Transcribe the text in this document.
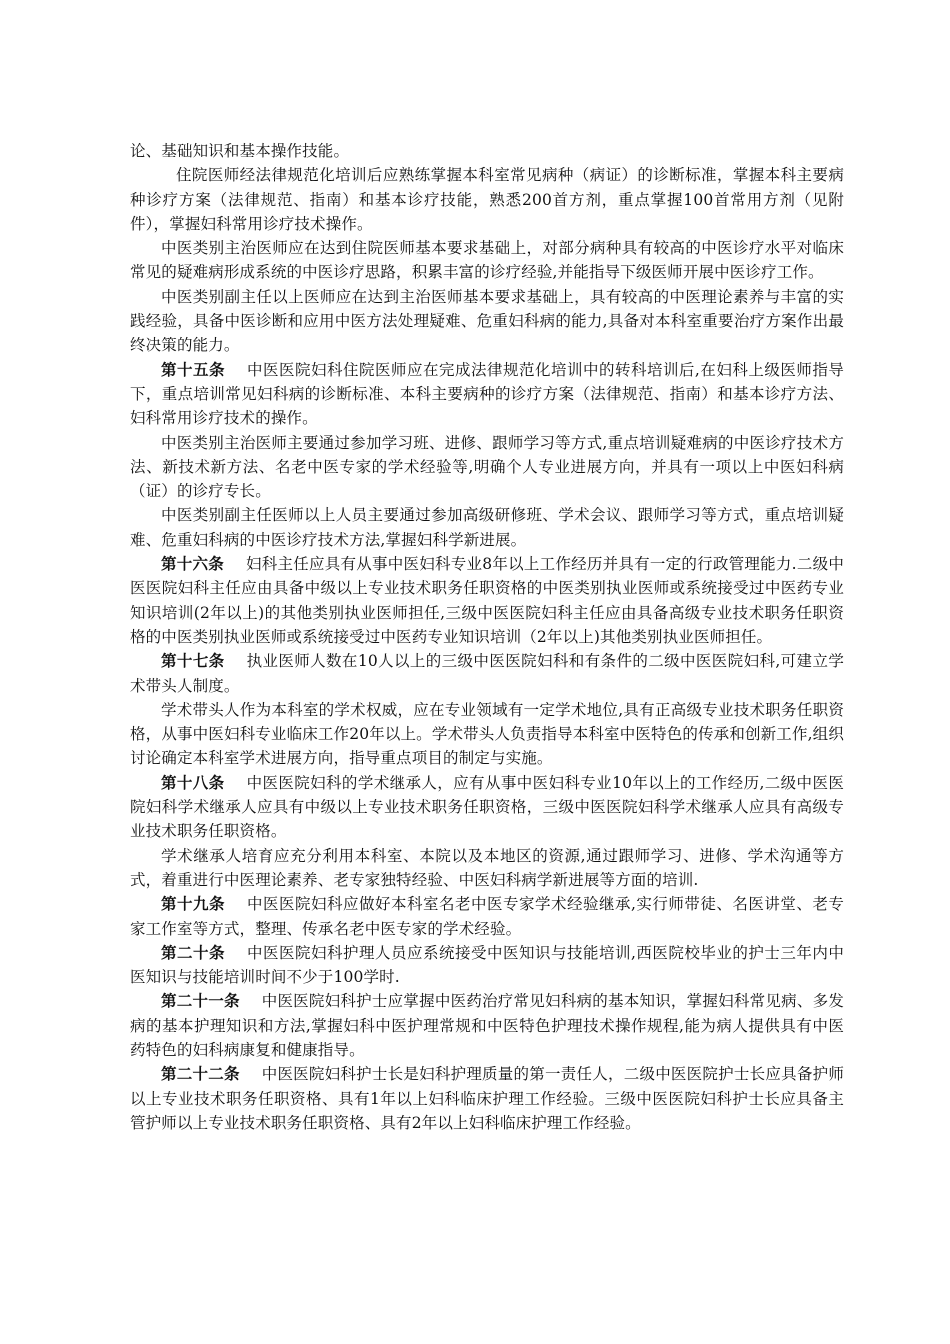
论、基础知识和基本操作技能。

住院医师经法律规范化培训后应熟练掌握本科室常见病种（病证）的诊断标准，掌握本科主要病种诊疗方案（法律规范、指南）和基本诊疗技能，熟悉200首方剂，重点掌握100首常用方剂（见附件），掌握妇科常用诊疗技术操作。

中医类别主治医师应在达到住院医师基本要求基础上，对部分病种具有较高的中医诊疗水平对临床常见的疑难病形成系统的中医诊疗思路，积累丰富的诊疗经验,并能指导下级医师开展中医诊疗工作。

中医类别副主任以上医师应在达到主治医师基本要求基础上，具有较高的中医理论素养与丰富的实践经验，具备中医诊断和应用中医方法处理疑难、危重妇科病的能力,具备对本科室重要治疗方案作出最终决策的能力。

第十五条 中医医院妇科住院医师应在完成法律规范化培训中的转科培训后,在妇科上级医师指导下，重点培训常见妇科病的诊断标准、本科主要病种的诊疗方案（法律规范、指南）和基本诊疗方法、妇科常用诊疗技术的操作。

中医类别主治医师主要通过参加学习班、进修、跟师学习等方式,重点培训疑难病的中医诊疗技术方法、新技术新方法、名老中医专家的学术经验等,明确个人专业进展方向，并具有一项以上中医妇科病（证）的诊疗专长。

中医类别副主任医师以上人员主要通过参加高级研修班、学术会议、跟师学习等方式，重点培训疑难、危重妇科病的中医诊疗技术方法,掌握妇科学新进展。

第十六条 妇科主任应具有从事中医妇科专业8年以上工作经历并具有一定的行政管理能力.二级中医医院妇科主任应由具备中级以上专业技术职务任职资格的中医类别执业医师或系统接受过中医药专业知识培训(2年以上)的其他类别执业医师担任,三级中医医院妇科主任应由具备高级专业技术职务任职资格的中医类别执业医师或系统接受过中医药专业知识培训（2年以上)其他类别执业医师担任。

第十七条 执业医师人数在10人以上的三级中医医院妇科和有条件的二级中医医院妇科,可建立学术带头人制度。

学术带头人作为本科室的学术权威，应在专业领域有一定学术地位,具有正高级专业技术职务任职资格，从事中医妇科专业临床工作20年以上。学术带头人负责指导本科室中医特色的传承和创新工作,组织讨论确定本科室学术进展方向，指导重点项目的制定与实施。

第十八条 中医医院妇科的学术继承人，应有从事中医妇科专业10年以上的工作经历,二级中医医院妇科学术继承人应具有中级以上专业技术职务任职资格，三级中医医院妇科学术继承人应具有高级专业技术职务任职资格。

学术继承人培育应充分利用本科室、本院以及本地区的资源,通过跟师学习、进修、学术沟通等方式，着重进行中医理论素养、老专家独特经验、中医妇科病学新进展等方面的培训.

第十九条 中医医院妇科应做好本科室名老中医专家学术经验继承,实行师带徒、名医讲堂、老专家工作室等方式，整理、传承名老中医专家的学术经验。

第二十条 中医医院妇科护理人员应系统接受中医知识与技能培训,西医院校毕业的护士三年内中医知识与技能培训时间不少于100学时.

第二十一条 中医医院妇科护士应掌握中医药治疗常见妇科病的基本知识，掌握妇科常见病、多发病的基本护理知识和方法,掌握妇科中医护理常规和中医特色护理技术操作规程,能为病人提供具有中医药特色的妇科病康复和健康指导。

第二十二条 中医医院妇科护士长是妇科护理质量的第一责任人，二级中医医院护士长应具备护师以上专业技术职务任职资格、具有1年以上妇科临床护理工作经验。三级中医医院妇科护士长应具备主管护师以上专业技术职务任职资格、具有2年以上妇科临床护理工作经验。
